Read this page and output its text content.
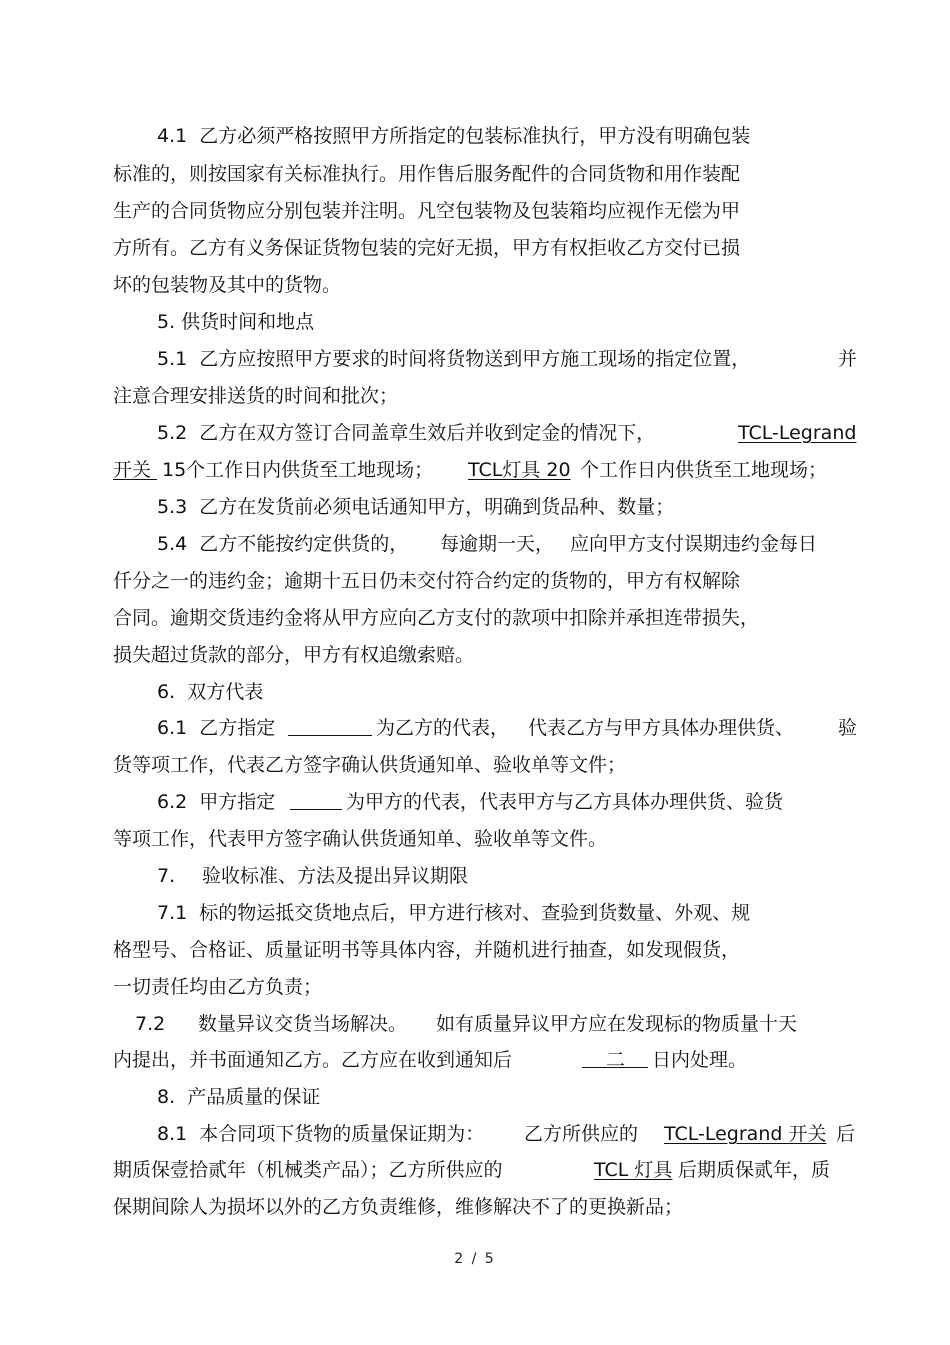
4.1  乙方必须严格按照甲方所指定的包装标准执行，甲方没有明确包装
标准的，则按国家有关标准执行。用作售后服务配件的合同货物和用作装配
生产的合同货物应分别包装并注明。凡空包装物及包装箱均应视作无偿为甲
方所有。乙方有义务保证货物包装的完好无损，甲方有权拒收乙方交付已损
坏的包装物及其中的货物。
5. 供货时间和地点
5.1  乙方应按照甲方要求的时间将货物送到甲方施工现场的指定位置，	并
注意合理安排送货的时间和批次；
5.2  乙方在双方签订合同盖章生效后并收到定金的情况下，	TCL-Legrand
开关 15个工作日内供货至工地现场； TCL灯具 20 个工作日内供货至工地现场；
5.3  乙方在发货前必须电话通知甲方，明确到货品种、数量；
5.4  乙方不能按约定供货的， 每逾期一天， 应向甲方支付误期违约金每日
仟分之一的违约金；逾期十五日仍未交付符合约定的货物的，甲方有权解除
合同。逾期交货违约金将从甲方应向乙方支付的款项中扣除并承担连带损失，
损失超过货款的部分，甲方有权追缴索赔。
6.  双方代表
6.1  乙方指定	为乙方的代表， 代表乙方与甲方具体办理供货、 验
货等项工作，代表乙方签字确认供货通知单、验收单等文件；
6.2  甲方指定	为甲方的代表，代表甲方与乙方具体办理供货、验货
等项工作，代表甲方签字确认供货通知单、验收单等文件。
7. 验收标准、方法及提出异议期限
7.1  标的物运抵交货地点后，甲方进行核对、查验到货数量、外观、规
格型号、合格证、质量证明书等具体内容，并随机进行抽查，如发现假货，
一切责任均由乙方负责；
7.2 数量异议交货当场解决。 如有质量异议甲方应在发现标的物质量十天
内提出，并书面通知乙方。乙方应在收到通知后	二 日内处理。
8.  产品质量的保证
8.1  本合同项下货物的质量保证期为： 乙方所供应的 TCL-Legrand 开关 后
期质保壹拾贰年（机械类产品）；乙方所供应的	TCL 灯具 后期质保贰年，质
保期间除人为损坏以外的乙方负责维修，维修解决不了的更换新品；
2 / 5
